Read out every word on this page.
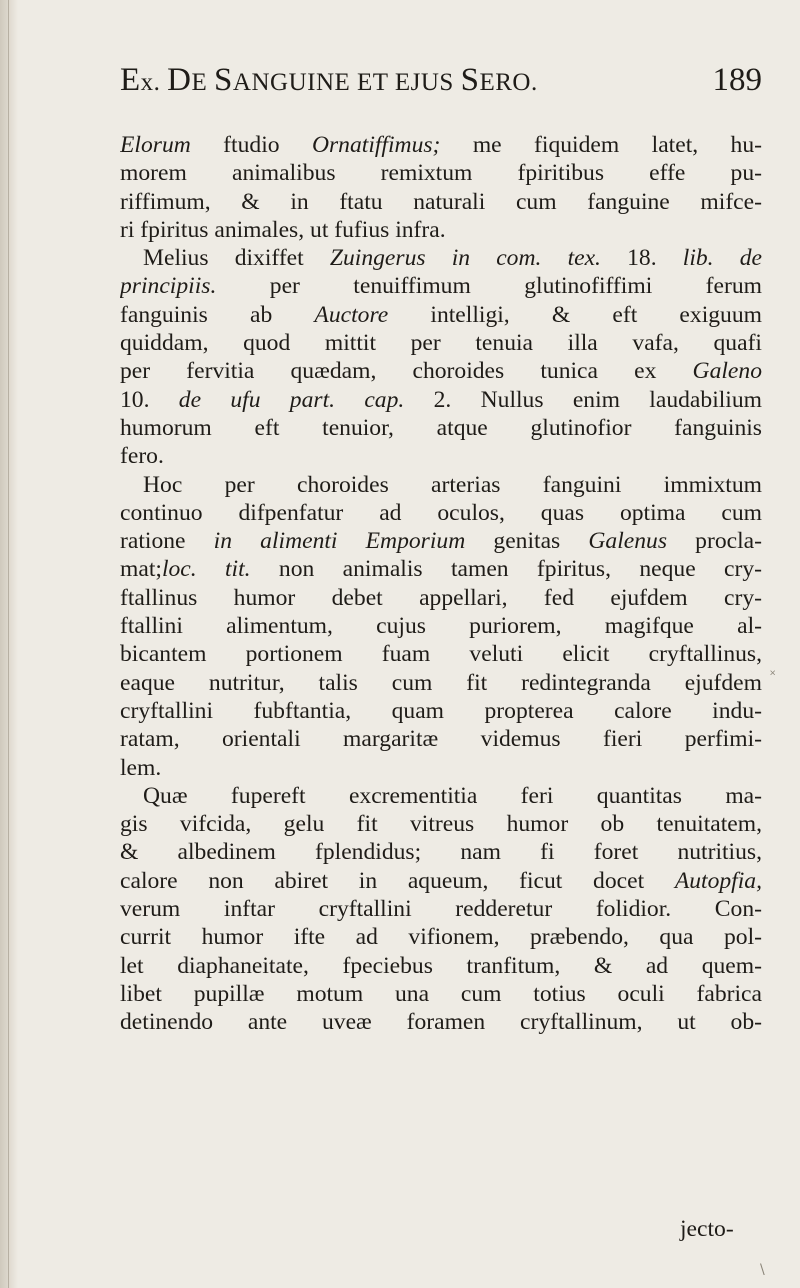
Ex. DE SANGUINE ET EJUS SERO.	189
Elorum ftudio Ornatiffimus; me fiquidem latet, hu-
morem animalibus remixtum fpiritibus effe pu-
riffimum, & in ftatu naturali cum fanguine mifce-
ri fpiritus animales, ut fufius infra.
Melius dixiffet Zuingerus in com. tex. 18. lib. de
principiis. per tenuiffimum glutinofiffimi ferum
fanguinis ab Auctore intelligi, & eft exiguum
quiddam, quod mittit per tenuia illa vafa, quafi
per fervitia quædam, choroides tunica ex Galeno
10. de ufu part. cap. 2. Nullus enim laudabilium
humorum eft tenuior, atque glutinofior fanguinis
fero.
Hoc per choroides arterias fanguini immixtum
continuo difpenfatur ad oculos, quas optima cum
ratione in alimenti Emporium genitas Galenus procla-
mat;loc. tit. non animalis tamen fpiritus, neque cry-
ftallinus humor debet appellari, fed ejufdem cry-
ftallini alimentum, cujus puriorem, magifque al-
bicantem portionem fuam veluti elicit cryftallinus,
eaque nutritur, talis cum fit redintegranda ejufdem
cryftallini fubftantia, quam propterea calore indu-
ratam, orientali margaritæ videmus fieri perfimi-
lem.
Quæ fupereft excrementitia feri quantitas ma-
gis vifcida, gelu fit vitreus humor ob tenuitatem,
& albedinem fplendidus; nam fi foret nutritius,
calore non abiret in aqueum, ficut docet Autopfia,
verum inftar cryftallini redderetur folidior. Con-
currit humor ifte ad vifionem, præbendo, qua pol-
let diaphaneitate, fpeciebus tranfitum, & ad quem-
libet pupillæ motum una cum totius oculi fabrica
detinendo ante uveæ foramen cryftallinum, ut ob-
jecto-
˟
\
